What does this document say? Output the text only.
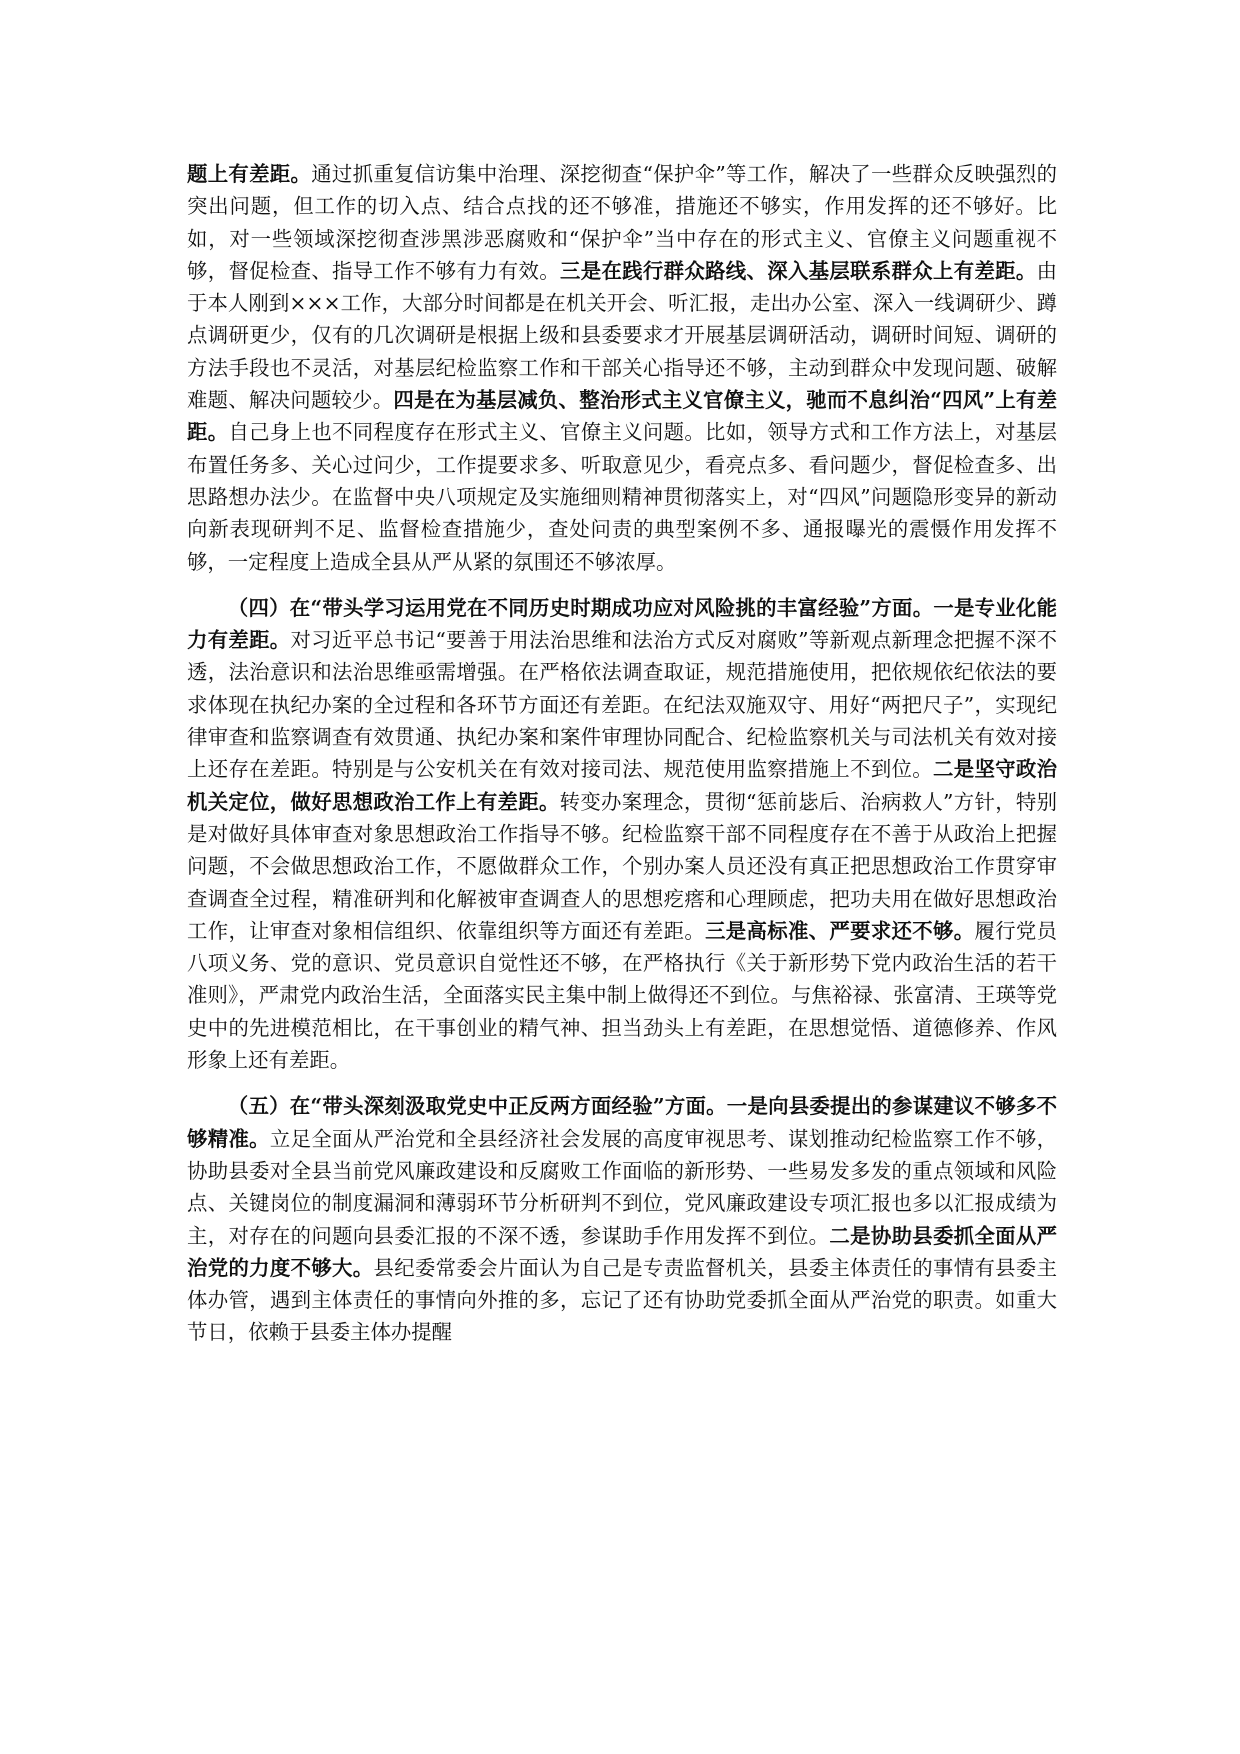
题上有差距。通过抓重复信访集中治理、深挖彻查“保护伞”等工作，解决了一些群众反映强烈的突出问题，但工作的切入点、结合点找的还不够准，措施还不够实，作用发挥的还不够好。比如，对一些领域深挖彻查涉黑涉恶腐败和“保护伞”当中存在的形式主义、官僚主义问题重视不够，督促检查、指导工作不够有力有效。三是在践行群众路线、深入基层联系群众上有差距。由于本人刚到×××工作，大部分时间都是在机关开会、听汇报，走出办公室、深入一线调研少、蹲点调研更少，仅有的几次调研是根据上级和县委要求才开展基层调研活动，调研时间短、调研的方法手段也不灵活，对基层纪检监察工作和干部关心指导还不够，主动到群众中发现问题、破解难题、解决问题较少。四是在为基层减负、整治形式主义官僚主义，驰而不息纠治“四风”上有差距。自己身上也不同程度存在形式主义、官僚主义问题。比如，领导方式和工作方法上，对基层布置任务多、关心过问少，工作提要求多、听取意见少，看亮点多、看问题少，督促检查多、出思路想办法少。在监督中央八项规定及实施细则精神贯彻落实上，对“四风”问题隐形变异的新动向新表现研判不足、监督检查措施少，查处问责的典型案例不多、通报曝光的震慑作用发挥不够，一定程度上造成全县从严从紧的氛围还不够浓厚。

（四）在“带头学习运用党在不同历史时期成功应对风险挑的丰富经验”方面。一是专业化能力有差距。对习近平总书记“要善于用法治思维和法治方式反对腐败”等新观点新理念把握不深不透，法治意识和法治思维亟需增强。在严格依法调查取证，规范措施使用，把依规依纪依法的要求体现在执纪办案的全过程和各环节方面还有差距。在纪法双施双守、用好“两把尺子”，实现纪律审查和监察调查有效贯通、执纪办案和案件审理协同配合、纪检监察机关与司法机关有效对接上还存在差距。特别是与公安机关在有效对接司法、规范使用监察措施上不到位。二是坚守政治机关定位，做好思想政治工作上有差距。转变办案理念，贯彻“惩前毖后、治病救人”方针，特别是对做好具体审查对象思想政治工作指导不够。纪检监察干部不同程度存在不善于从政治上把握问题，不会做思想政治工作，不愿做群众工作，个别办案人员还没有真正把思想政治工作贯穿审查调查全过程，精准研判和化解被审查调查人的思想疙瘩和心理顾虑，把功夫用在做好思想政治工作，让审查对象相信组织、依靠组织等方面还有差距。三是高标准、严要求还不够。履行党员八项义务、党的意识、党员意识自觉性还不够，在严格执行《关于新形势下党内政治生活的若干准则》，严肃党内政治生活，全面落实民主集中制上做得还不到位。与焦裕禄、张富清、王瑛等党史中的先进模范相比，在干事创业的精气神、担当劲头上有差距，在思想觉悟、道德修养、作风形象上还有差距。

（五）在“带头深刻汲取党史中正反两方面经验”方面。一是向县委提出的参谋建议不够多不够精准。立足全面从严治党和全县经济社会发展的高度审视思考、谋划推动纪检监察工作不够，协助县委对全县当前党风廉政建设和反腐败工作面临的新形势、一些易发多发的重点领域和风险点、关键岗位的制度漏洞和薄弱环节分析研判不到位，党风廉政建设专项汇报也多以汇报成绩为主，对存在的问题向县委汇报的不深不透，参谋助手作用发挥不到位。二是协助县委抓全面从严治党的力度不够大。县纪委常委会片面认为自己是专责监督机关，县委主体责任的事情有县委主体办管，遇到主体责任的事情向外推的多，忘记了还有协助党委抓全面从严治党的职责。如重大节日，依赖于县委主体办提醒
